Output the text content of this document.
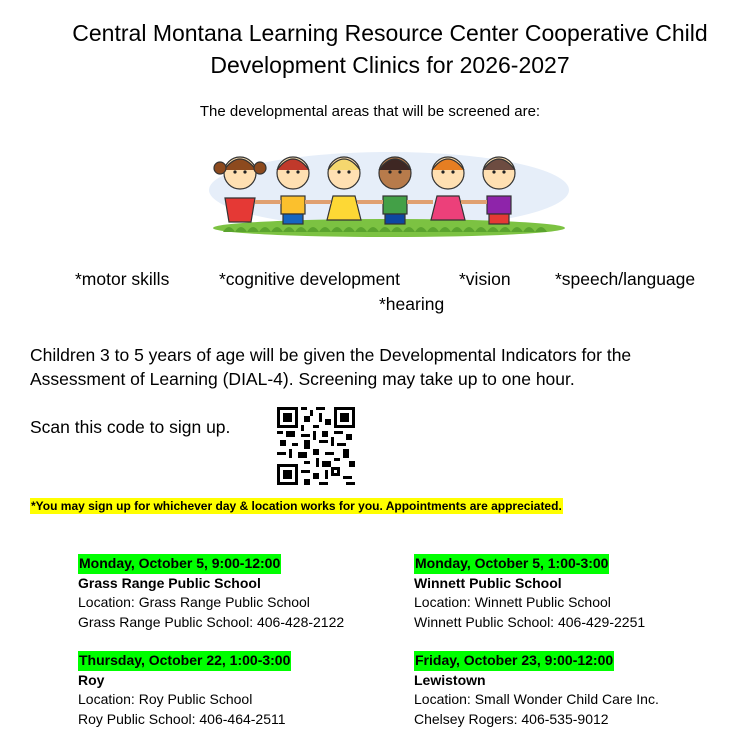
Central Montana Learning Resource Center Cooperative Child
Development Clinics for 2026-2027
The developmental areas that will be screened are:
*motor skills	*cognitive development	*vision	*speech/language
*hearing
Children 3 to 5 years of age will be given the Developmental Indicators for the
Assessment of Learning (DIAL-4). Screening may take up to one hour.
Scan this code to sign up.
*You may sign up for whichever day & location works for you. Appointments are appreciated.
Monday, October 5, 9:00-12:00
Grass Range Public School
Location: Grass Range Public School
Grass Range Public School: 406-428-2122
Monday, October 5, 1:00-3:00
Winnett Public School
Location: Winnett Public School
Winnett Public School: 406-429-2251
Thursday, October 22, 1:00-3:00
Roy
Location: Roy Public School
Roy Public School: 406-464-2511
Friday, October 23, 9:00-12:00
Lewistown
Location: Small Wonder Child Care Inc.
Chelsey Rogers: 406-535-9012
